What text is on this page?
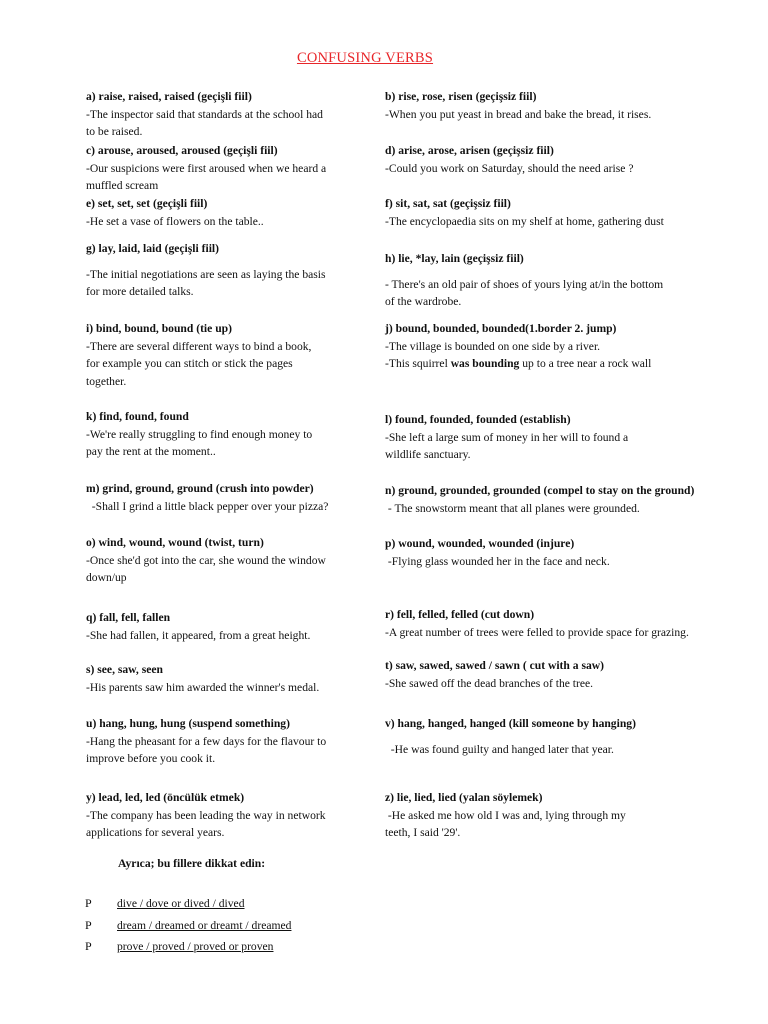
CONFUSING VERBS
a) raise, raised, raised (geçişli fiil)
-The inspector said that standards at the school had
to be raised.
b) rise, rose, risen (geçişsiz fiil)
-When you put yeast in bread and bake the bread, it rises.
c) arouse, aroused, aroused (geçişli fiil)
-Our suspicions were first aroused when we heard a
muffled scream
d) arise, arose, arisen (geçişsiz fiil)
-Could you work on Saturday, should the need arise ?
e) set, set, set (geçişli fiil)
-He set a vase of flowers on the table..
f) sit, sat, sat (geçişsiz fiil)
-The encyclopaedia sits on my shelf at home, gathering dust
g) lay, laid, laid (geçişli fiil)
-The initial negotiations are seen as laying the basis
for more detailed talks.
h) lie, *lay, lain (geçişsiz fiil)
- There's an old pair of shoes of yours lying at/in the bottom
of the wardrobe.
i) bind, bound, bound (tie up)
-There are several different ways to bind a book,
for example you can stitch or stick the pages
together.
j) bound, bounded, bounded(1.border 2. jump)
-The village is bounded on one side by a river.
-This squirrel was bounding up to a tree near a rock wall
k) find, found, found
-We're really struggling to find enough money to
pay the rent at the moment..
l) found, founded, founded (establish)
-She left a large sum of money in her will to found a
wildlife sanctuary.
m) grind, ground, ground (crush into powder)
-Shall I grind a little black pepper over your pizza?
n) ground, grounded, grounded (compel to stay on the ground)
- The snowstorm meant that all planes were grounded.
o) wind, wound, wound (twist, turn)
-Once she'd got into the car, she wound the window
down/up
p) wound, wounded, wounded (injure)
-Flying glass wounded her in the face and neck.
q) fall, fell, fallen
-She had fallen, it appeared, from a great height.
r) fell, felled, felled (cut down)
-A great number of trees were felled to provide space for grazing.
s) see, saw, seen
-His parents saw him awarded the winner's medal.
t) saw, sawed, sawed / sawn ( cut with a saw)
-She sawed off the dead branches of the tree.
u) hang, hung, hung (suspend something)
-Hang the pheasant for a few days for the flavour to
improve before you cook it.
v) hang, hanged, hanged (kill someone by hanging)
-He was found guilty and hanged later that year.
y) lead, led, led (öncülük etmek)
-The company has been leading the way in network
applications for several years.
z) lie, lied, lied (yalan söylemek)
-He asked me how old I was and, lying through my
teeth, I said '29'.
Ayrıca; bu fillere dikkat edin:
P dive / dove or dived / dived
P dream / dreamed or dreamt / dreamed
P prove / proved / proved or proven
